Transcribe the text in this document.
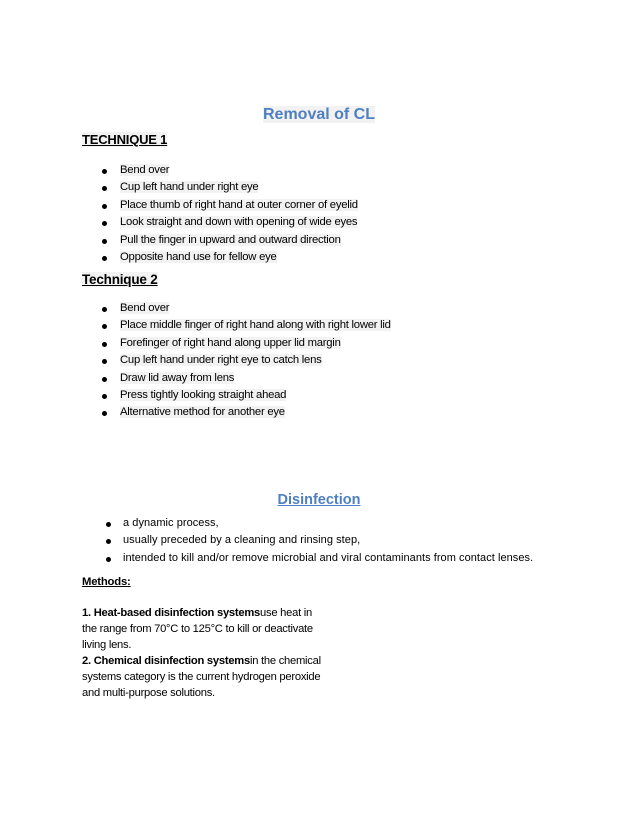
Removal of CL
TECHNIQUE 1
Bend over
Cup left hand under right eye
Place thumb of right hand at outer corner of eyelid
Look straight and down with opening of wide eyes
Pull the finger in upward and outward direction
Opposite hand use for fellow eye
Technique 2
Bend over
Place middle finger of right hand along with right lower lid
Forefinger of right hand along upper lid margin
Cup left hand under right eye to catch lens
Draw lid away from lens
Press tightly looking straight ahead
Alternative method for another eye
Disinfection
a dynamic process,
usually preceded by a cleaning and rinsing step,
intended to kill and/or remove microbial and viral contaminants from contact lenses.
Methods:
1. Heat-based disinfection systemsuse heat in
the range from 70°C to 125°C to kill or deactivate
living lens.
2. Chemical disinfection systemsin the chemical
systems category is the current hydrogen peroxide
and multi-purpose solutions.
